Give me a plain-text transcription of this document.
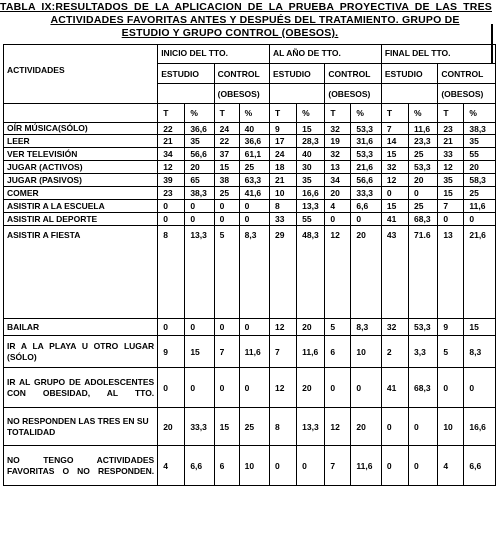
TABLA IX:RESULTADOS DE LA APLICACION DE LA PRUEBA PROYECTIVA DE LAS TRES
ACTIVIDADES FAVORITAS ANTES Y DESPUÉS DEL TRATAMIENTO. GRUPO DE
ESTUDIO Y GRUPO CONTROL (OBESOS).
ACTIVIDADES	INICIO DEL TTO.				AL AÑO DE TTO.				FINAL DEL TTO.			
	ESTUDIO		CONTROL		ESTUDIO		CONTROL		ESTUDIO		CONTROL	
			(OBESOS)				(OBESOS)				(OBESOS)	
	T	%	T	%	T	%	T	%	T	%	T	%
OÍR MÚSICA(SÓLO)	22	36,6	24	40	9	15	32	53,3	7	11,6	23	38,3
LEER	21	35	22	36,6	17	28,3	19	31,6	14	23,3	21	35
VER TELEVISIÓN	34	56,6	37	61,1	24	40	32	53,3	15	25	33	55
JUGAR (ACTIVOS)	12	20	15	25	18	30	13	21,6	32	53,3	12	20
JUGAR (PASIVOS)	39	65	38	63,3	21	35	34	56,6	12	20	35	58,3
COMER	23	38,3	25	41,6	10	16,6	20	33,3	0	0	15	25
ASISTIR A LA ESCUELA	0	0	0	0	8	13,3	4	6,6	15	25	7	11,6
ASISTIR AL DEPORTE	0	0	0	0	33	55	0	0	41	68,3	0	0
ASISTIR A FIESTA	8	13,3	5	8,3	29	48,3	12	20	43	71.6	13	21,6
BAILAR	0	0	0	0	12	20	5	8,3	32	53,3	9	15
IR A LA PLAYA U OTRO LUGAR (SÓLO)	9	15	7	11,6	7	11,6	6	10	2	3,3	5	8,3
IR AL GRUPO DE ADOLESCENTES CON OBESIDAD, AL TTO.	0	0	0	0	12	20	0	0	41	68,3	0	0
NO RESPONDEN LAS TRES EN SU TOTALIDAD	20	33,3	15	25	8	13,3	12	20	0	0	10	16,6
NO TENGO ACTIVIDADES FAVORITAS O NO RESPONDEN.	4	6,6	6	10	0	0	7	11,6	0	0	4	6,6
